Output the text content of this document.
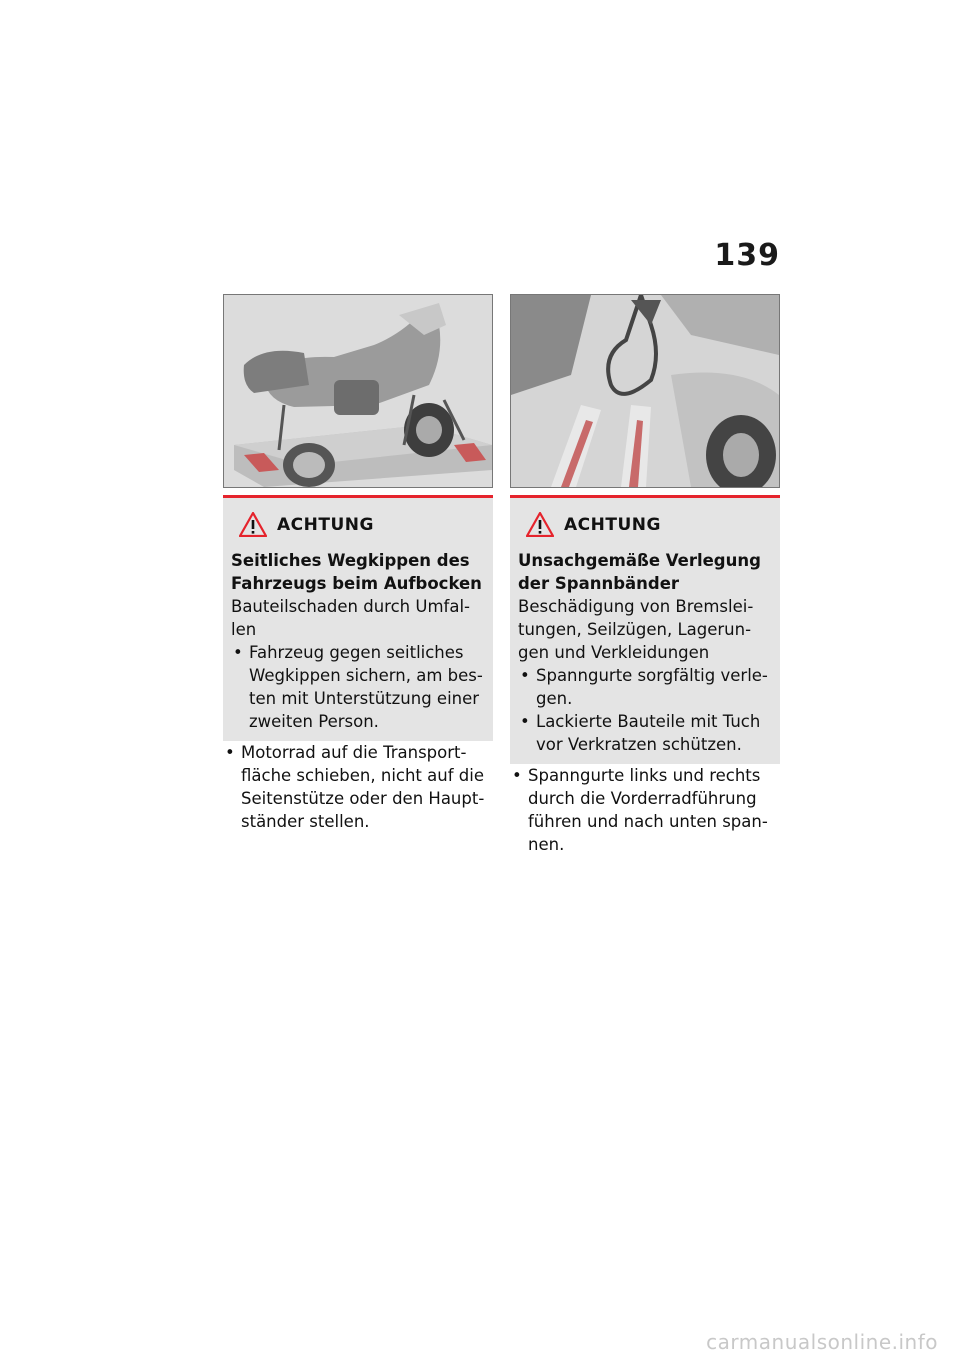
139
ACHTUNG
Seitliches Wegkippen des Fahrzeugs beim Aufbocken
Bauteilschaden durch Umfal-len
• Fahrzeug gegen seitliches Wegkippen sichern, am bes-ten mit Unterstützung einer zweiten Person.
• Motorrad auf die Transport-fläche schieben, nicht auf die Seitenstütze oder den Haupt-ständer stellen.
ACHTUNG
Unsachgemäße Verlegung der Spannbänder
Beschädigung von Bremslei-tungen, Seilzügen, Lagerun-gen und Verkleidungen
• Spanngurte sorgfältig verle-gen.
• Lackierte Bauteile mit Tuch vor Verkratzen schützen.
• Spanngurte links und rechts durch die Vorderradführung führen und nach unten span-nen.
carmanualsonline.info
